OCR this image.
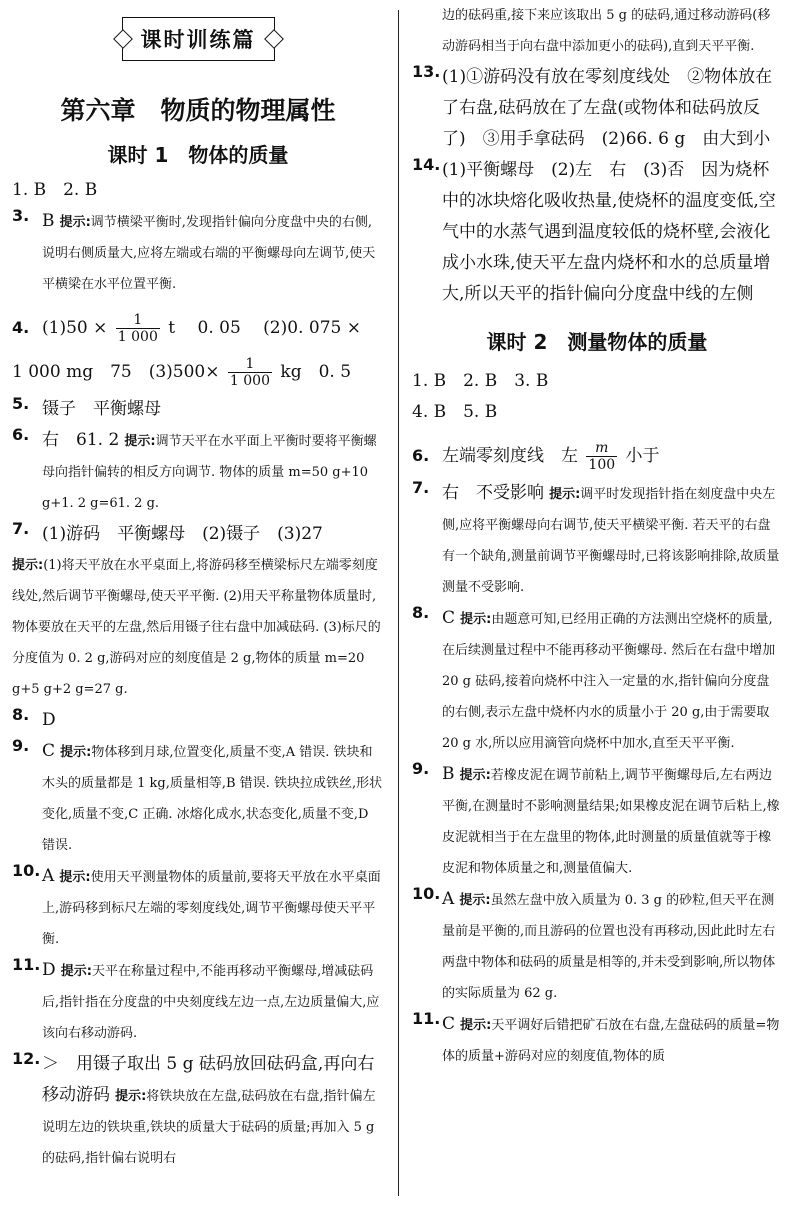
课时训练篇
第六章　物质的物理属性
课时 1　物体的质量
1. B　2. B
3. B 提示:调节横梁平衡时,发现指针偏向分度盘中央的右侧,说明右侧质量大,应将左端或右端的平衡螺母向左调节,使天平横梁在水平位置平衡.
4. $(1)50 \times \frac{1}{1 000}$ t　 0. 05　 (2)0. 075 ×
1 000 mg　75　$(3)500\times \frac{1}{1 000}$ kg　0. 5
5. 镊子　平衡螺母
6. 右　61. 2 提示:调节天平在水平面上平衡时要将平衡螺母向指针偏转的相反方向调节. 物体的质量 m=50 g+10 g+1. 2 g=61. 2 g.
7. (1)游码　平衡螺母　(2)镊子　(3)27
提示:(1)将天平放在水平桌面上,将游码移至横梁标尺左端零刻度线处,然后调节平衡螺母,使天平平衡. (2)用天平称量物体质量时,物体要放在天平的左盘,然后用镊子往右盘中加减砝码. (3)标尺的分度值为 0. 2 g,游码对应的刻度值是 2 g,物体的质量 m=20 g+5 g+2 g=27 g.
8. D
9. C 提示:物体移到月球,位置变化,质量不变,A 错误. 铁块和木头的质量都是 1 kg,质量相等,B 错误. 铁块拉成铁丝,形状变化,质量不变,C 正确. 冰熔化成水,状态变化,质量不变,D 错误.
10. A 提示:使用天平测量物体的质量前,要将天平放在水平桌面上,游码移到标尺左端的零刻度线处,调节平衡螺母使天平平衡.
11. D 提示:天平在称量过程中,不能再移动平衡螺母,增减砝码后,指针指在分度盘的中央刻度线左边一点,左边质量偏大,应该向右移动游码.
12. ＞　用镊子取出 5 g 砝码放回砝码盒,再向右移动游码 提示:将铁块放在左盘,砝码放在右盘,指针偏左说明左边的铁块重,铁块的质量大于砝码的质量;再加入 5 g 的砝码,指针偏右说明右
边的砝码重,接下来应该取出 5 g 的砝码,通过移动游码(移动游码相当于向右盘中添加更小的砝码),直到天平平衡.
13. (1)①游码没有放在零刻度线处　②物体放在了右盘,砝码放在了左盘(或物体和砝码放反了)　③用手拿砝码　(2)66. 6 g　由大到小
14. (1)平衡螺母　(2)左　右　(3)否　因为烧杯中的冰块熔化吸收热量,使烧杯的温度变低,空气中的水蒸气遇到温度较低的烧杯壁,会液化成小水珠,使天平左盘内烧杯和水的总质量增大,所以天平的指针偏向分度盘中线的左侧
课时 2　测量物体的质量
1. B　2. B　3. B
4. B　5. B
6. 左端零刻度线　左 $\frac{m}{100}$ 小于
7. 右　不受影响 提示:调平时发现指针指在刻度盘中央左侧,应将平衡螺母向右调节,使天平横梁平衡. 若天平的右盘有一个缺角,测量前调节平衡螺母时,已将该影响排除,故质量测量不受影响.
8. C 提示:由题意可知,已经用正确的方法测出空烧杯的质量,在后续测量过程中不能再移动平衡螺母. 然后在右盘中增加 20 g 砝码,接着向烧杯中注入一定量的水,指针偏向分度盘的右侧,表示左盘中烧杯内水的质量小于 20 g,由于需要取 20 g 水,所以应用滴管向烧杯中加水,直至天平平衡.
9. B 提示:若橡皮泥在调节前粘上,调节平衡螺母后,左右两边平衡,在测量时不影响测量结果;如果橡皮泥在调节后粘上,橡皮泥就相当于在左盘里的物体,此时测量的质量值就等于橡皮泥和物体质量之和,测量值偏大.
10. A 提示:虽然左盘中放入质量为 0. 3 g 的砂粒,但天平在测量前是平衡的,而且游码的位置也没有再移动,因此此时左右两盘中物体和砝码的质量是相等的,并未受到影响,所以物体的实际质量为 62 g.
11. C 提示:天平调好后错把矿石放在右盘,左盘砝码的质量=物体的质量+游码对应的刻度值,物体的质
